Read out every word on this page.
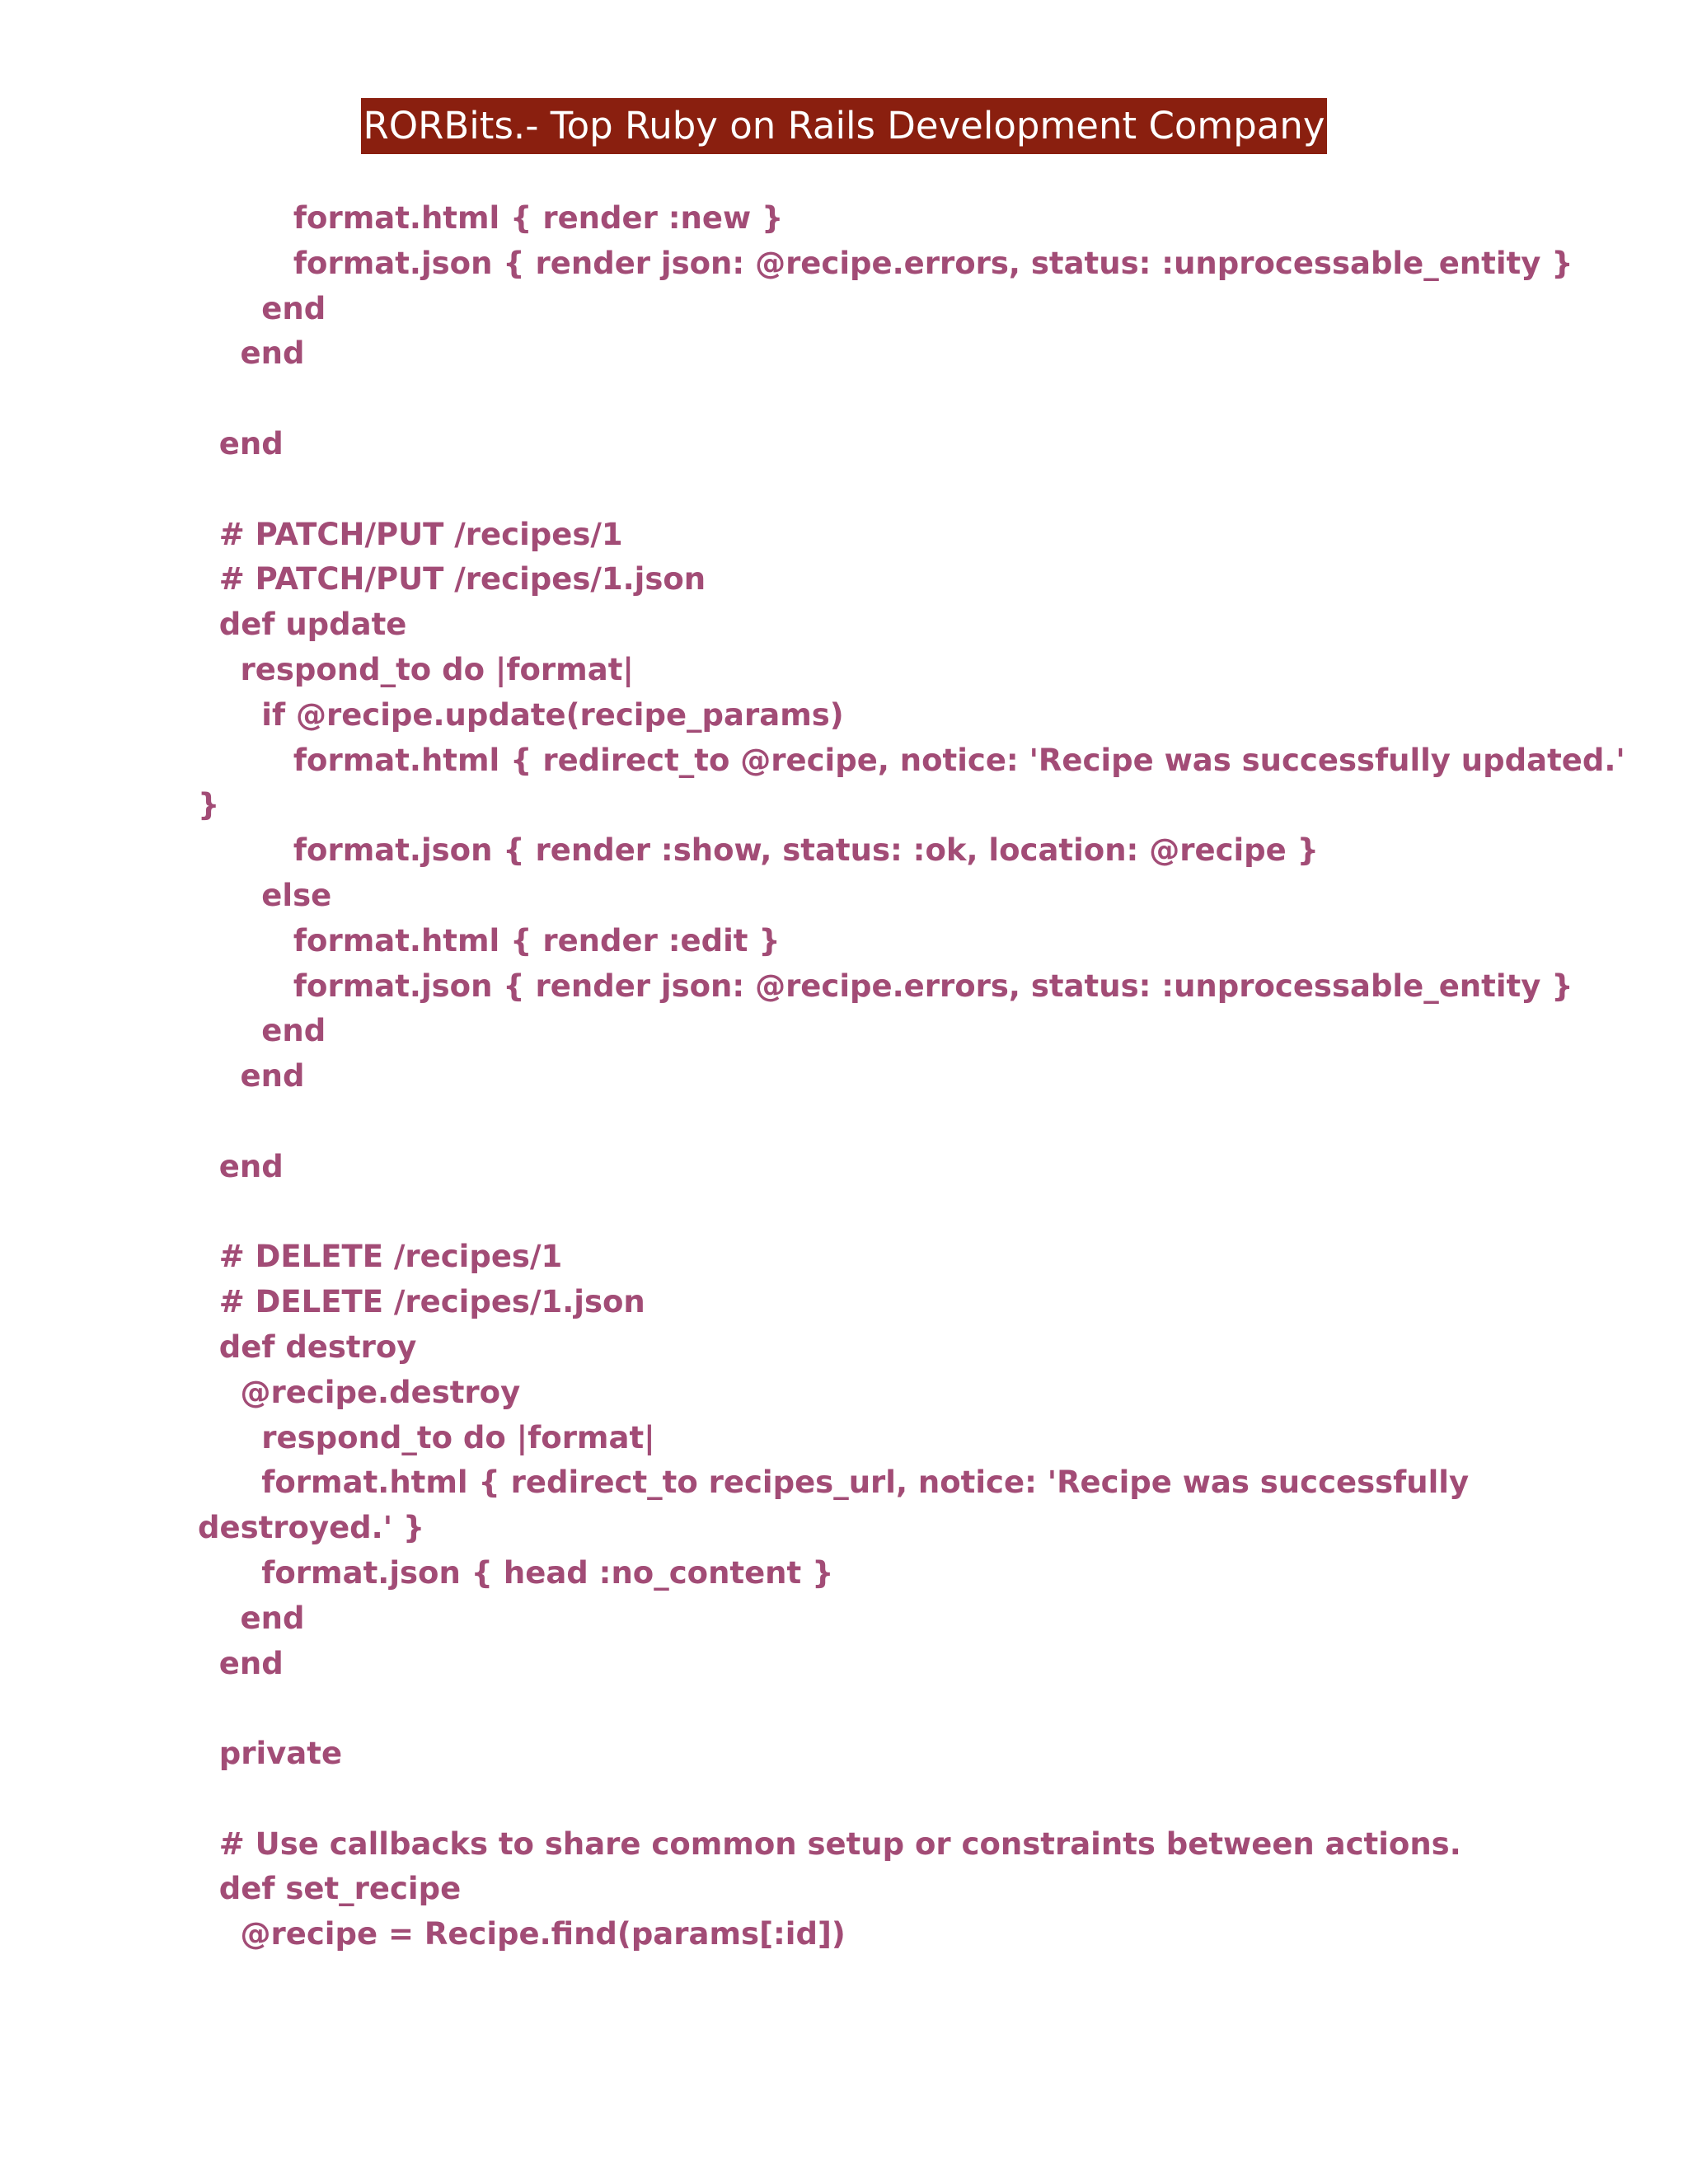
RORBits.- Top Ruby on Rails Development Company
format.html { render :new }
format.json { render json: @recipe.errors, status: :unprocessable_entity }
end
end
end
# PATCH/PUT /recipes/1
# PATCH/PUT /recipes/1.json
def update
respond_to do |format|
if @recipe.update(recipe_params)
format.html { redirect_to @recipe, notice: 'Recipe was successfully updated.'
}
format.json { render :show, status: :ok, location: @recipe }
else
format.html { render :edit }
format.json { render json: @recipe.errors, status: :unprocessable_entity }
end
end
end
# DELETE /recipes/1
# DELETE /recipes/1.json
def destroy
@recipe.destroy
respond_to do |format|
format.html { redirect_to recipes_url, notice: 'Recipe was successfully
destroyed.' }
format.json { head :no_content }
end
end
private
# Use callbacks to share common setup or constraints between actions.
def set_recipe
@recipe = Recipe.find(params[:id])
